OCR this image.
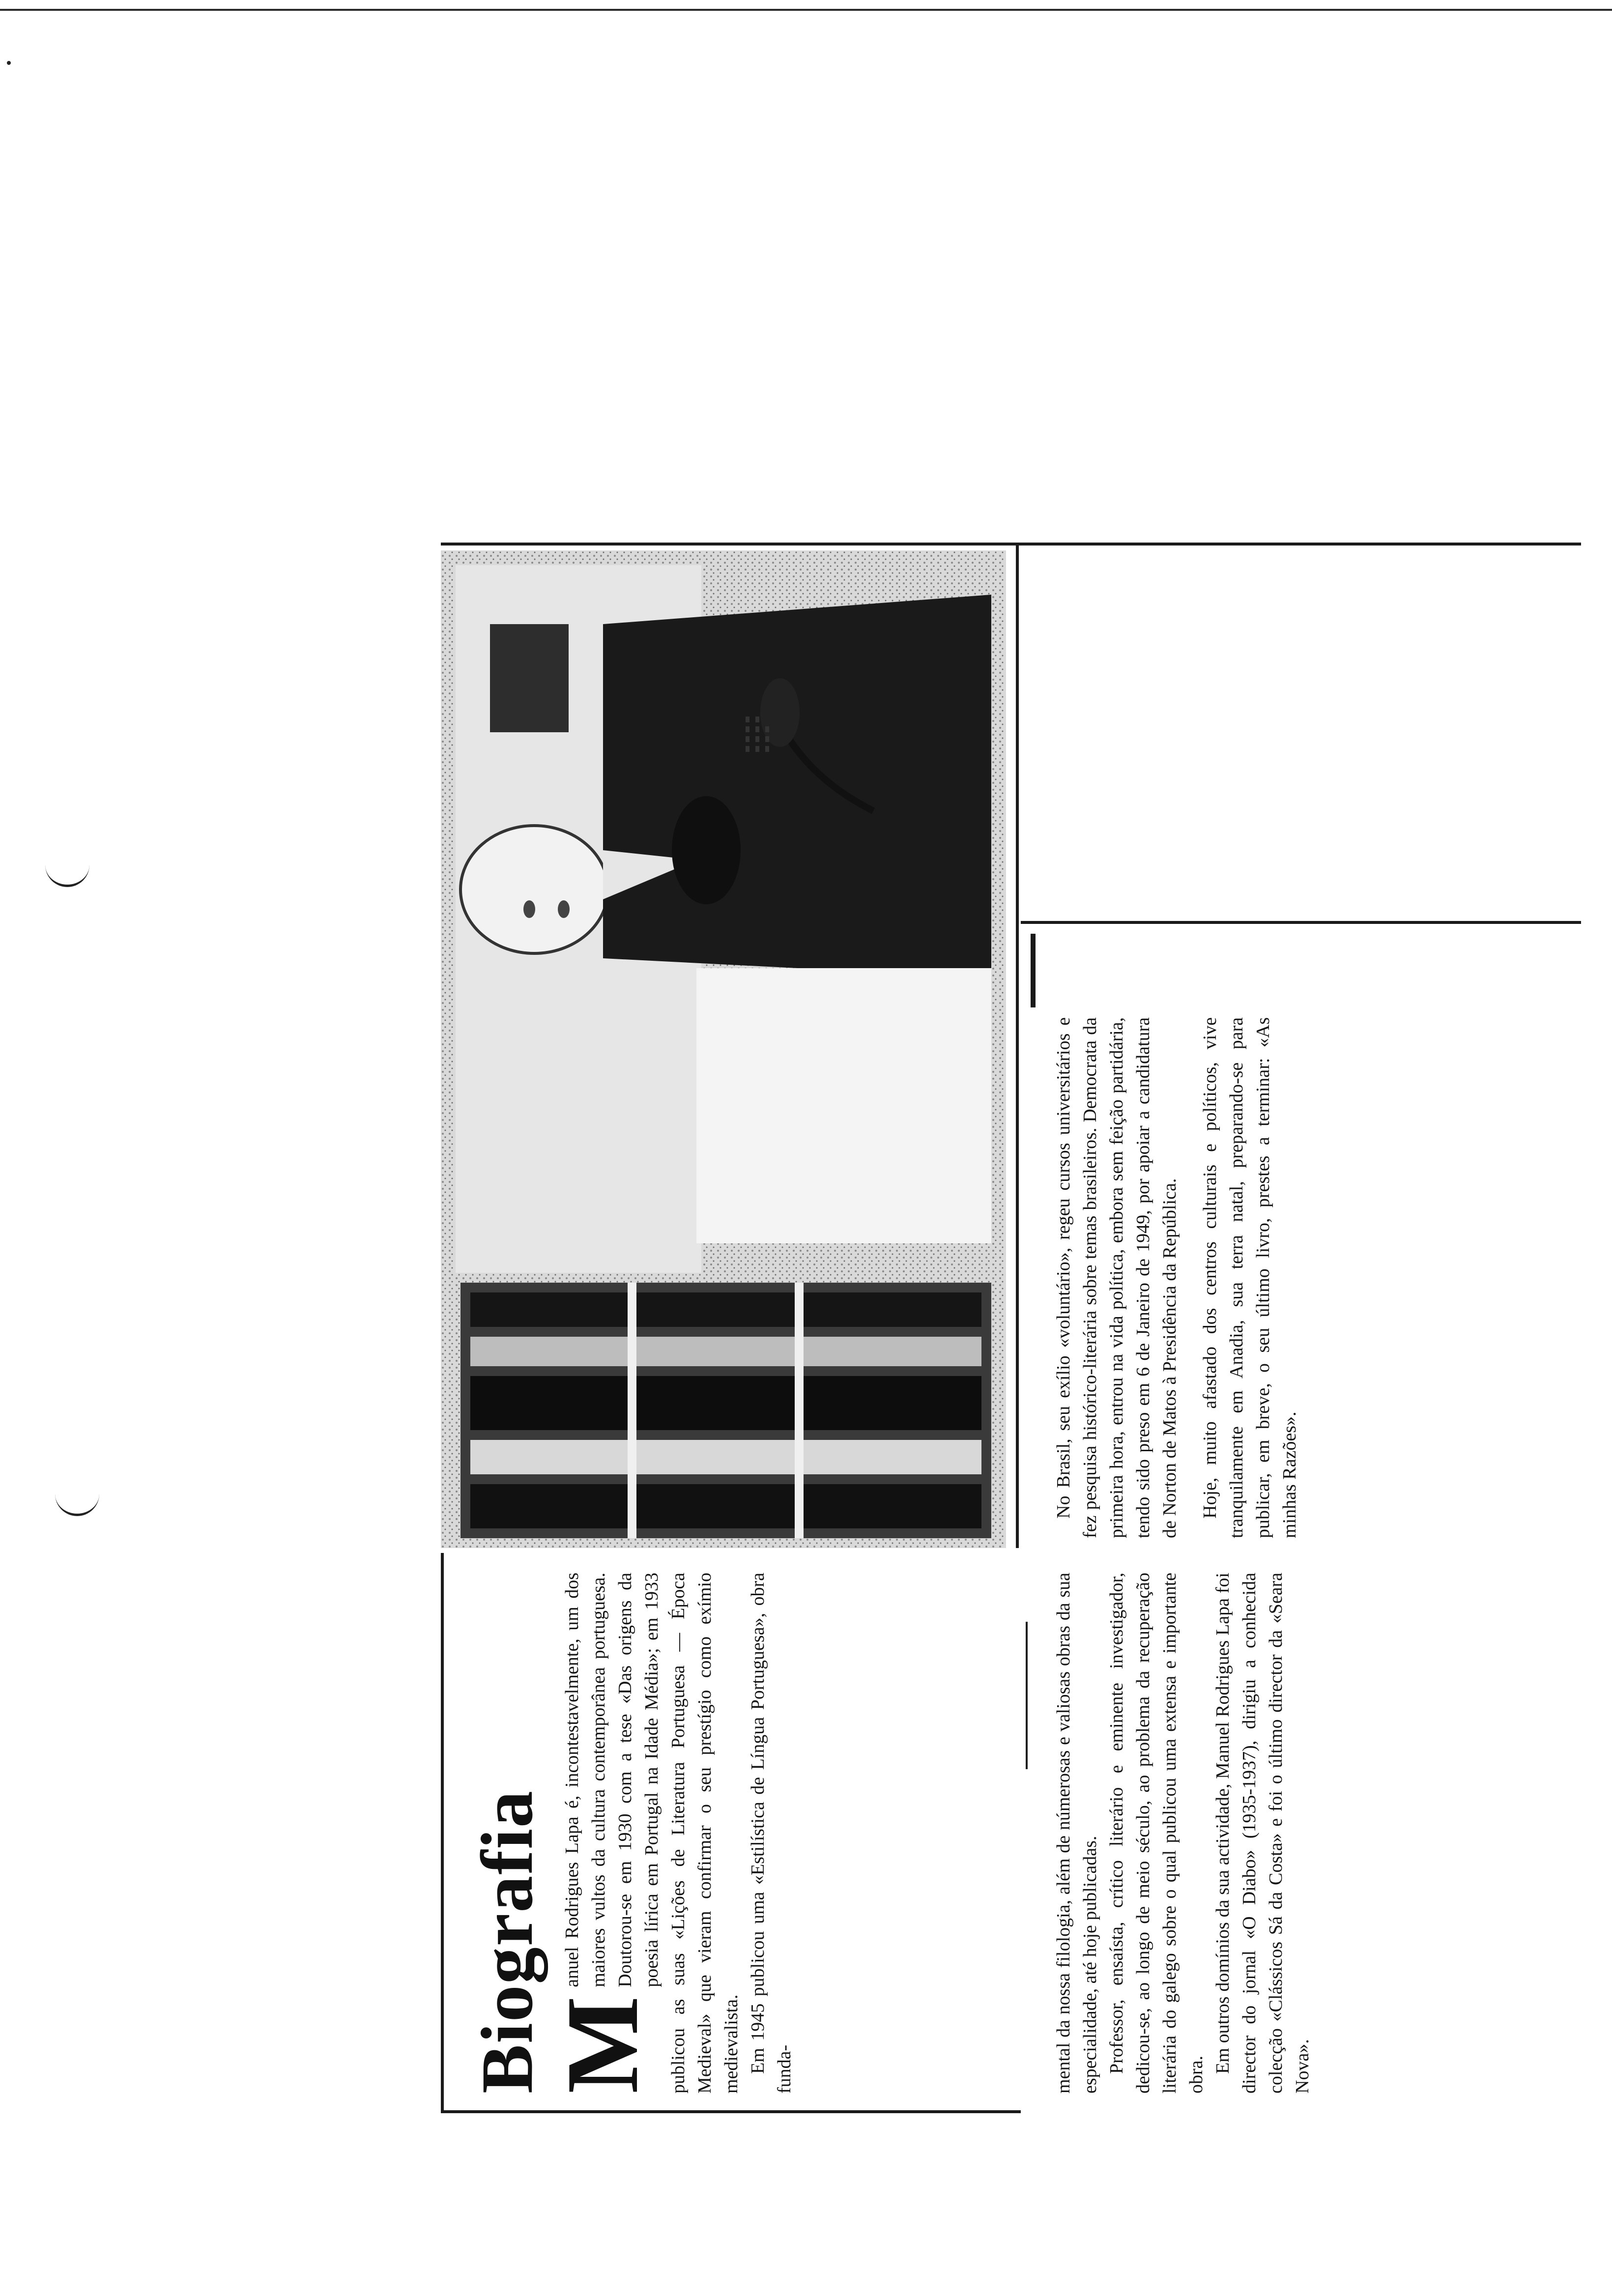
Biografia
M

anuel Rodrigues Lapa é, incontestavelmente, um dos maiores vultos da cultura contemporânea portuguesa. Doutorou-se em 1930 com a tese «Das origens da poesia lírica em Portugal na Idade Média»; em 1933 publicou as suas «Lições de Literatura Portuguesa — Época Medieval» que vieram confirmar o seu prestígio como exímio medievalista. Em 1945 publicou uma «Estilística de Língua Portuguesa», obra funda-	mental da nossa filologia, além de númerosas e valiosas obras da sua especialidade, até hoje publicadas. Professor, ensaísta, crítico literário e eminente investigador, dedicou-se, ao longo de meio século, ao problema da recuperação literária do galego sobre o qual publicou uma extensa e importante obra.

Em outros domínios da sua actividade, Manuel Rodrigues Lapa foi director do jornal «O Diabo» (1935-1937), dirigiu a conhecida colecção «Clássicos Sá da Costa» e foi o último director da «Seara Nova».

No Brasil, seu exílio «voluntário», regeu cursos universitários e fez pesquisa histórico-literária sobre temas brasileiros. Democrata da primeira hora, entrou na vida política, embora sem feição partidária, tendo sido preso em 6 de Janeiro de 1949, por apoiar a candidatura de Norton de Matos à Presidência da República. Hoje, muito afastado dos centros culturais e políticos, vive tranquilamente em Anadia, sua terra natal, preparando-se para publicar, em breve, o seu último livro, prestes a terminar: «As minhas Razões».
